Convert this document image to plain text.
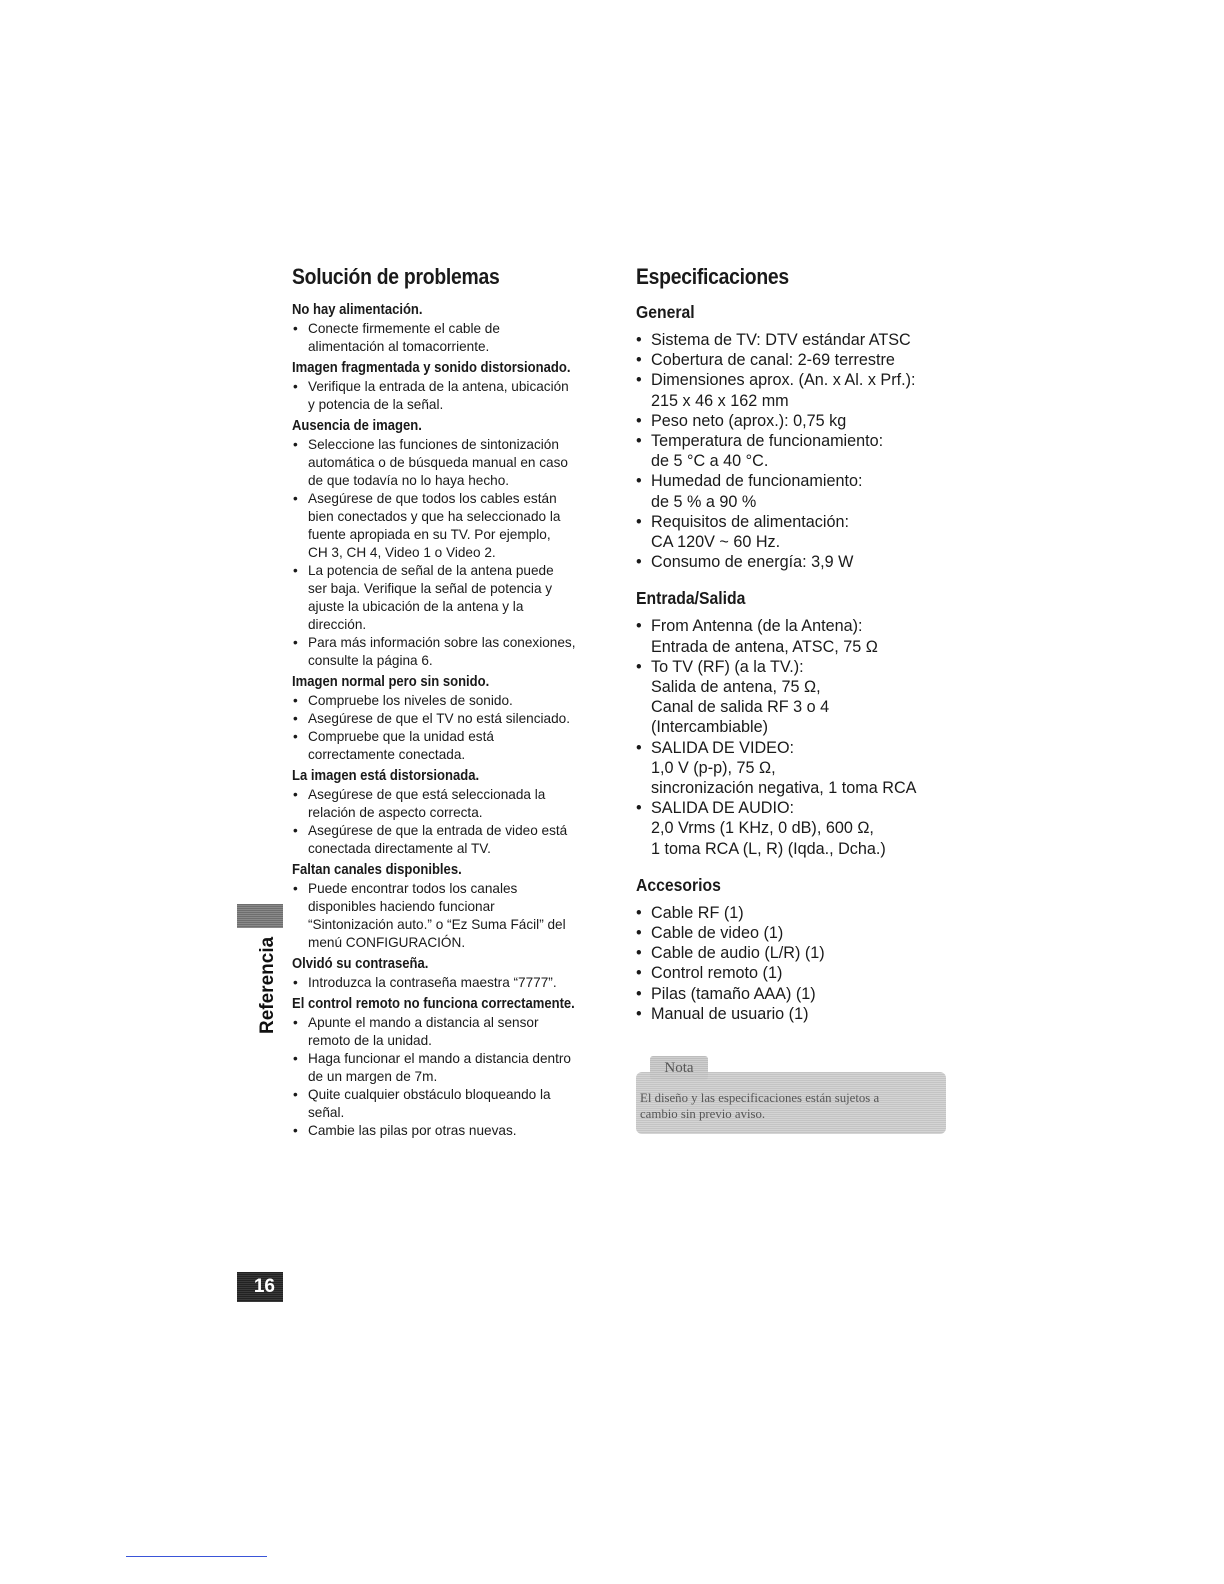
Solución de problemas
No hay alimentación.
• Conecte firmemente el cable de
alimentación al tomacorriente.
Imagen fragmentada y sonido distorsionado.
• Verifique la entrada de la antena, ubicación
y potencia de la señal.
Ausencia de imagen.
• Seleccione las funciones de sintonización
automática o de búsqueda manual en caso
de que todavía no lo haya hecho.
• Asegúrese de que todos los cables están
bien conectados y que ha seleccionado la
fuente apropiada en su TV. Por ejemplo,
CH 3, CH 4, Video 1 o Video 2.
• La potencia de señal de la antena puede
ser baja. Verifique la señal de potencia y
ajuste la ubicación de la antena y la
dirección.
• Para más información sobre las conexiones,
consulte la página 6.
Imagen normal pero sin sonido.
• Compruebe los niveles de sonido.
• Asegúrese de que el TV no está silenciado.
• Compruebe que la unidad está
correctamente conectada.
La imagen está distorsionada.
• Asegúrese de que está seleccionada la
relación de aspecto correcta.
• Asegúrese de que la entrada de video está
conectada directamente al TV.
Faltan canales disponibles.
• Puede encontrar todos los canales
disponibles haciendo funcionar
“Sintonización auto.” o “Ez Suma Fácil” del
menú CONFIGURACIÓN.
Olvidó su contraseña.
• Introduzca la contraseña maestra “7777”.
El control remoto no funciona correctamente.
• Apunte el mando a distancia al sensor
remoto de la unidad.
• Haga funcionar el mando a distancia dentro
de un margen de 7m.
• Quite cualquier obstáculo bloqueando la
señal.
• Cambie las pilas por otras nuevas.
Especificaciones
General
• Sistema de TV: DTV estándar ATSC
• Cobertura de canal: 2-69 terrestre
• Dimensiones aprox. (An. x Al. x Prf.):
215 x 46 x 162 mm
• Peso neto (aprox.): 0,75 kg
• Temperatura de funcionamiento:
de 5 °C a 40 °C.
• Humedad de funcionamiento:
de 5 % a 90 %
• Requisitos de alimentación:
CA 120V ~ 60 Hz.
• Consumo de energía: 3,9 W
Entrada/Salida
• From Antenna (de la Antena):
Entrada de antena, ATSC, 75 Ω
• To TV (RF) (a la TV.):
Salida de antena, 75 Ω,
Canal de salida RF 3 o 4
(Intercambiable)
• SALIDA DE VIDEO:
1,0 V (p-p), 75 Ω,
sincronización negativa, 1 toma RCA
• SALIDA DE AUDIO:
2,0 Vrms (1 KHz, 0 dB), 600 Ω,
1 toma RCA (L, R) (Iqda., Dcha.)
Accesorios
• Cable RF (1)
• Cable de video (1)
• Cable de audio (L/R) (1)
• Control remoto (1)
• Pilas (tamaño AAA) (1)
• Manual de usuario (1)
Nota
El diseño y las especificaciones están sujetos a
cambio sin previo aviso.
Referencia
16
